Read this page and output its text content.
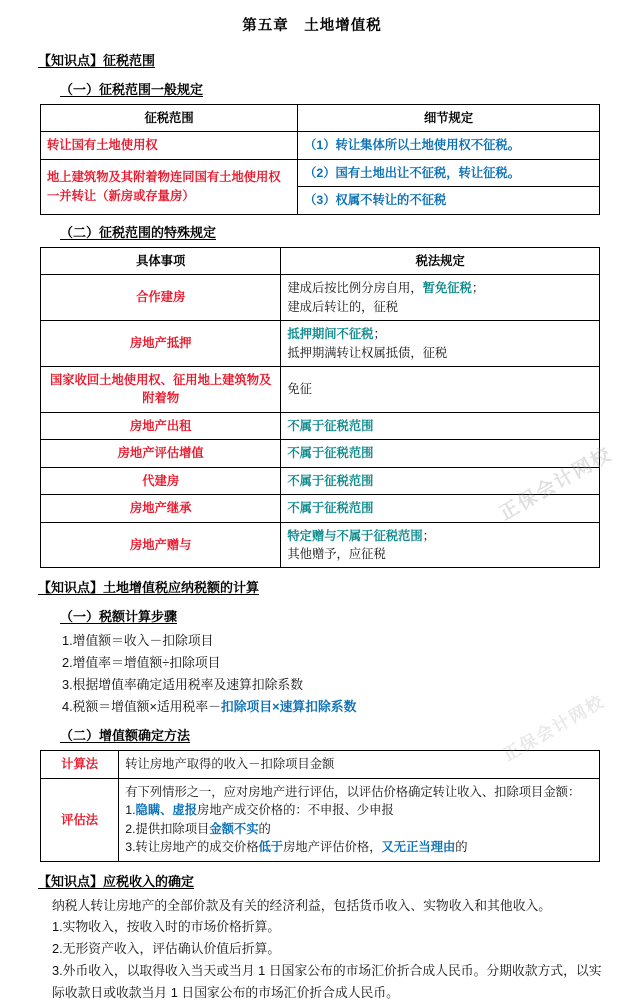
第五章　土地增值税
【知识点】征税范围
（一）征税范围一般规定
征税范围	细节规定
转让国有土地使用权	（1）转让集体所以土地使用权不征税。
地上建筑物及其附着物连同国有土地使用权一并转让（新房或存量房）	（2）国有土地出让不征税，转让征税。
	（3）权属不转让的不征税
（二）征税范围的特殊规定
具体事项	税法规定
合作建房	建成后按比例分房自用，暂免征税；
建成后转让的，征税

房地产抵押	抵押期间不征税；
抵押期满转让权属抵债，征税

国家收回土地使用权、征用地上建筑物及附着物	免征
房地产出租	不属于征税范围
房地产评估增值	不属于征税范围
代建房	不属于征税范围
房地产继承	不属于征税范围
房地产赠与	特定赠与不属于征税范围；
其他赠予，应征税
【知识点】土地增值税应纳税额的计算
（一）税额计算步骤
1.增值额＝收入－扣除项目
2.增值率＝增值额÷扣除项目
3.根据增值率确定适用税率及速算扣除系数
4.税额＝增值额×适用税率－扣除项目×速算扣除系数
（二）增值额确定方法
计算法	转让房地产取得的收入－扣除项目金额
评估法	有下列情形之一，应对房地产进行评估，以评估价格确定转让收入、扣除项目金额：
1.隐瞒、虚报房地产成交价格的：不申报、少申报
2.提供扣除项目金额不实的
3.转让房地产的成交价格低于房地产评估价格，又无正当理由的
【知识点】应税收入的确定
纳税人转让房地产的全部价款及有关的经济利益，包括货币收入、实物收入和其他收入。
1.实物收入，按收入时的市场价格折算。
2.无形资产收入，评估确认价值后折算。
3.外币收入，以取得收入当天或当月 1 日国家公布的市场汇价折合成人民币。分期收款方式，以实际收款日或收款当月 1 日国家公布的市场汇价折合成人民币。
正保会计网校
正保会计网校
